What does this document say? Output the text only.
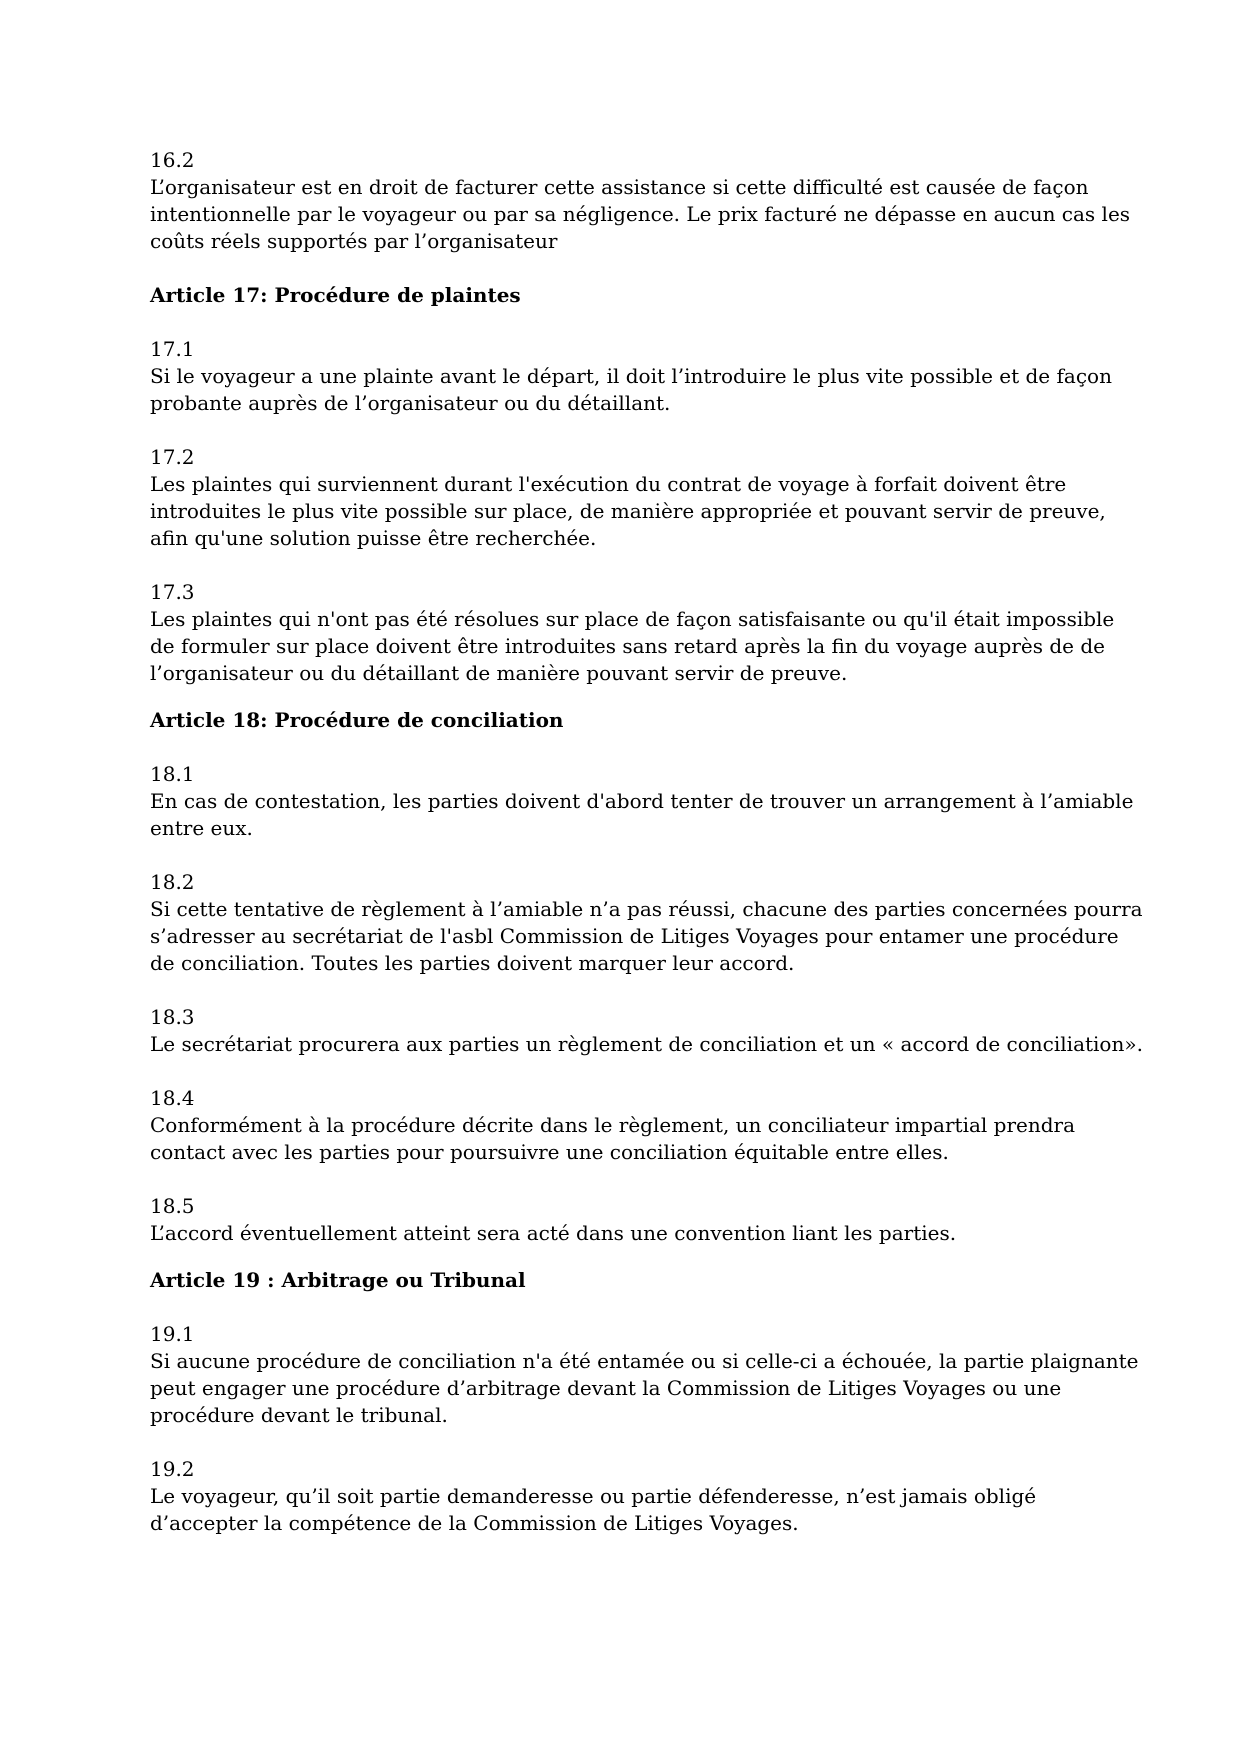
16.2
L’organisateur est en droit de facturer cette assistance si cette difficulté est causée de façon
intentionnelle par le voyageur ou par sa négligence. Le prix facturé ne dépasse en aucun cas les
coûts réels supportés par l’organisateur
Article 17: Procédure de plaintes
17.1
Si le voyageur a une plainte avant le départ, il doit l’introduire le plus vite possible et de façon
probante auprès de l’organisateur ou du détaillant.
17.2
Les plaintes qui surviennent durant l'exécution du contrat de voyage à forfait doivent être
introduites le plus vite possible sur place, de manière appropriée et pouvant servir de preuve,
afin qu'une solution puisse être recherchée.
17.3
Les plaintes qui n'ont pas été résolues sur place de façon satisfaisante ou qu'il était impossible
de formuler sur place doivent être introduites sans retard après la fin du voyage auprès de de
l’organisateur ou du détaillant de manière pouvant servir de preuve.
Article 18: Procédure de conciliation
18.1
En cas de contestation, les parties doivent d'abord tenter de trouver un arrangement à l’amiable
entre eux.
18.2
Si cette tentative de règlement à l’amiable n’a pas réussi, chacune des parties concernées pourra
s’adresser au secrétariat de l'asbl Commission de Litiges Voyages pour entamer une procédure
de conciliation. Toutes les parties doivent marquer leur accord.
18.3
Le secrétariat procurera aux parties un règlement de conciliation et un « accord de conciliation».
18.4
Conformément à la procédure décrite dans le règlement, un conciliateur impartial prendra
contact avec les parties pour poursuivre une conciliation équitable entre elles.
18.5
L’accord éventuellement atteint sera acté dans une convention liant les parties.
Article 19 : Arbitrage ou Tribunal
19.1
Si aucune procédure de conciliation n'a été entamée ou si celle-ci a échouée, la partie plaignante
peut engager une procédure d’arbitrage devant la Commission de Litiges Voyages ou une
procédure devant le tribunal.
19.2
Le voyageur, qu’il soit partie demanderesse ou partie défenderesse, n’est jamais obligé
d’accepter la compétence de la Commission de Litiges Voyages.
